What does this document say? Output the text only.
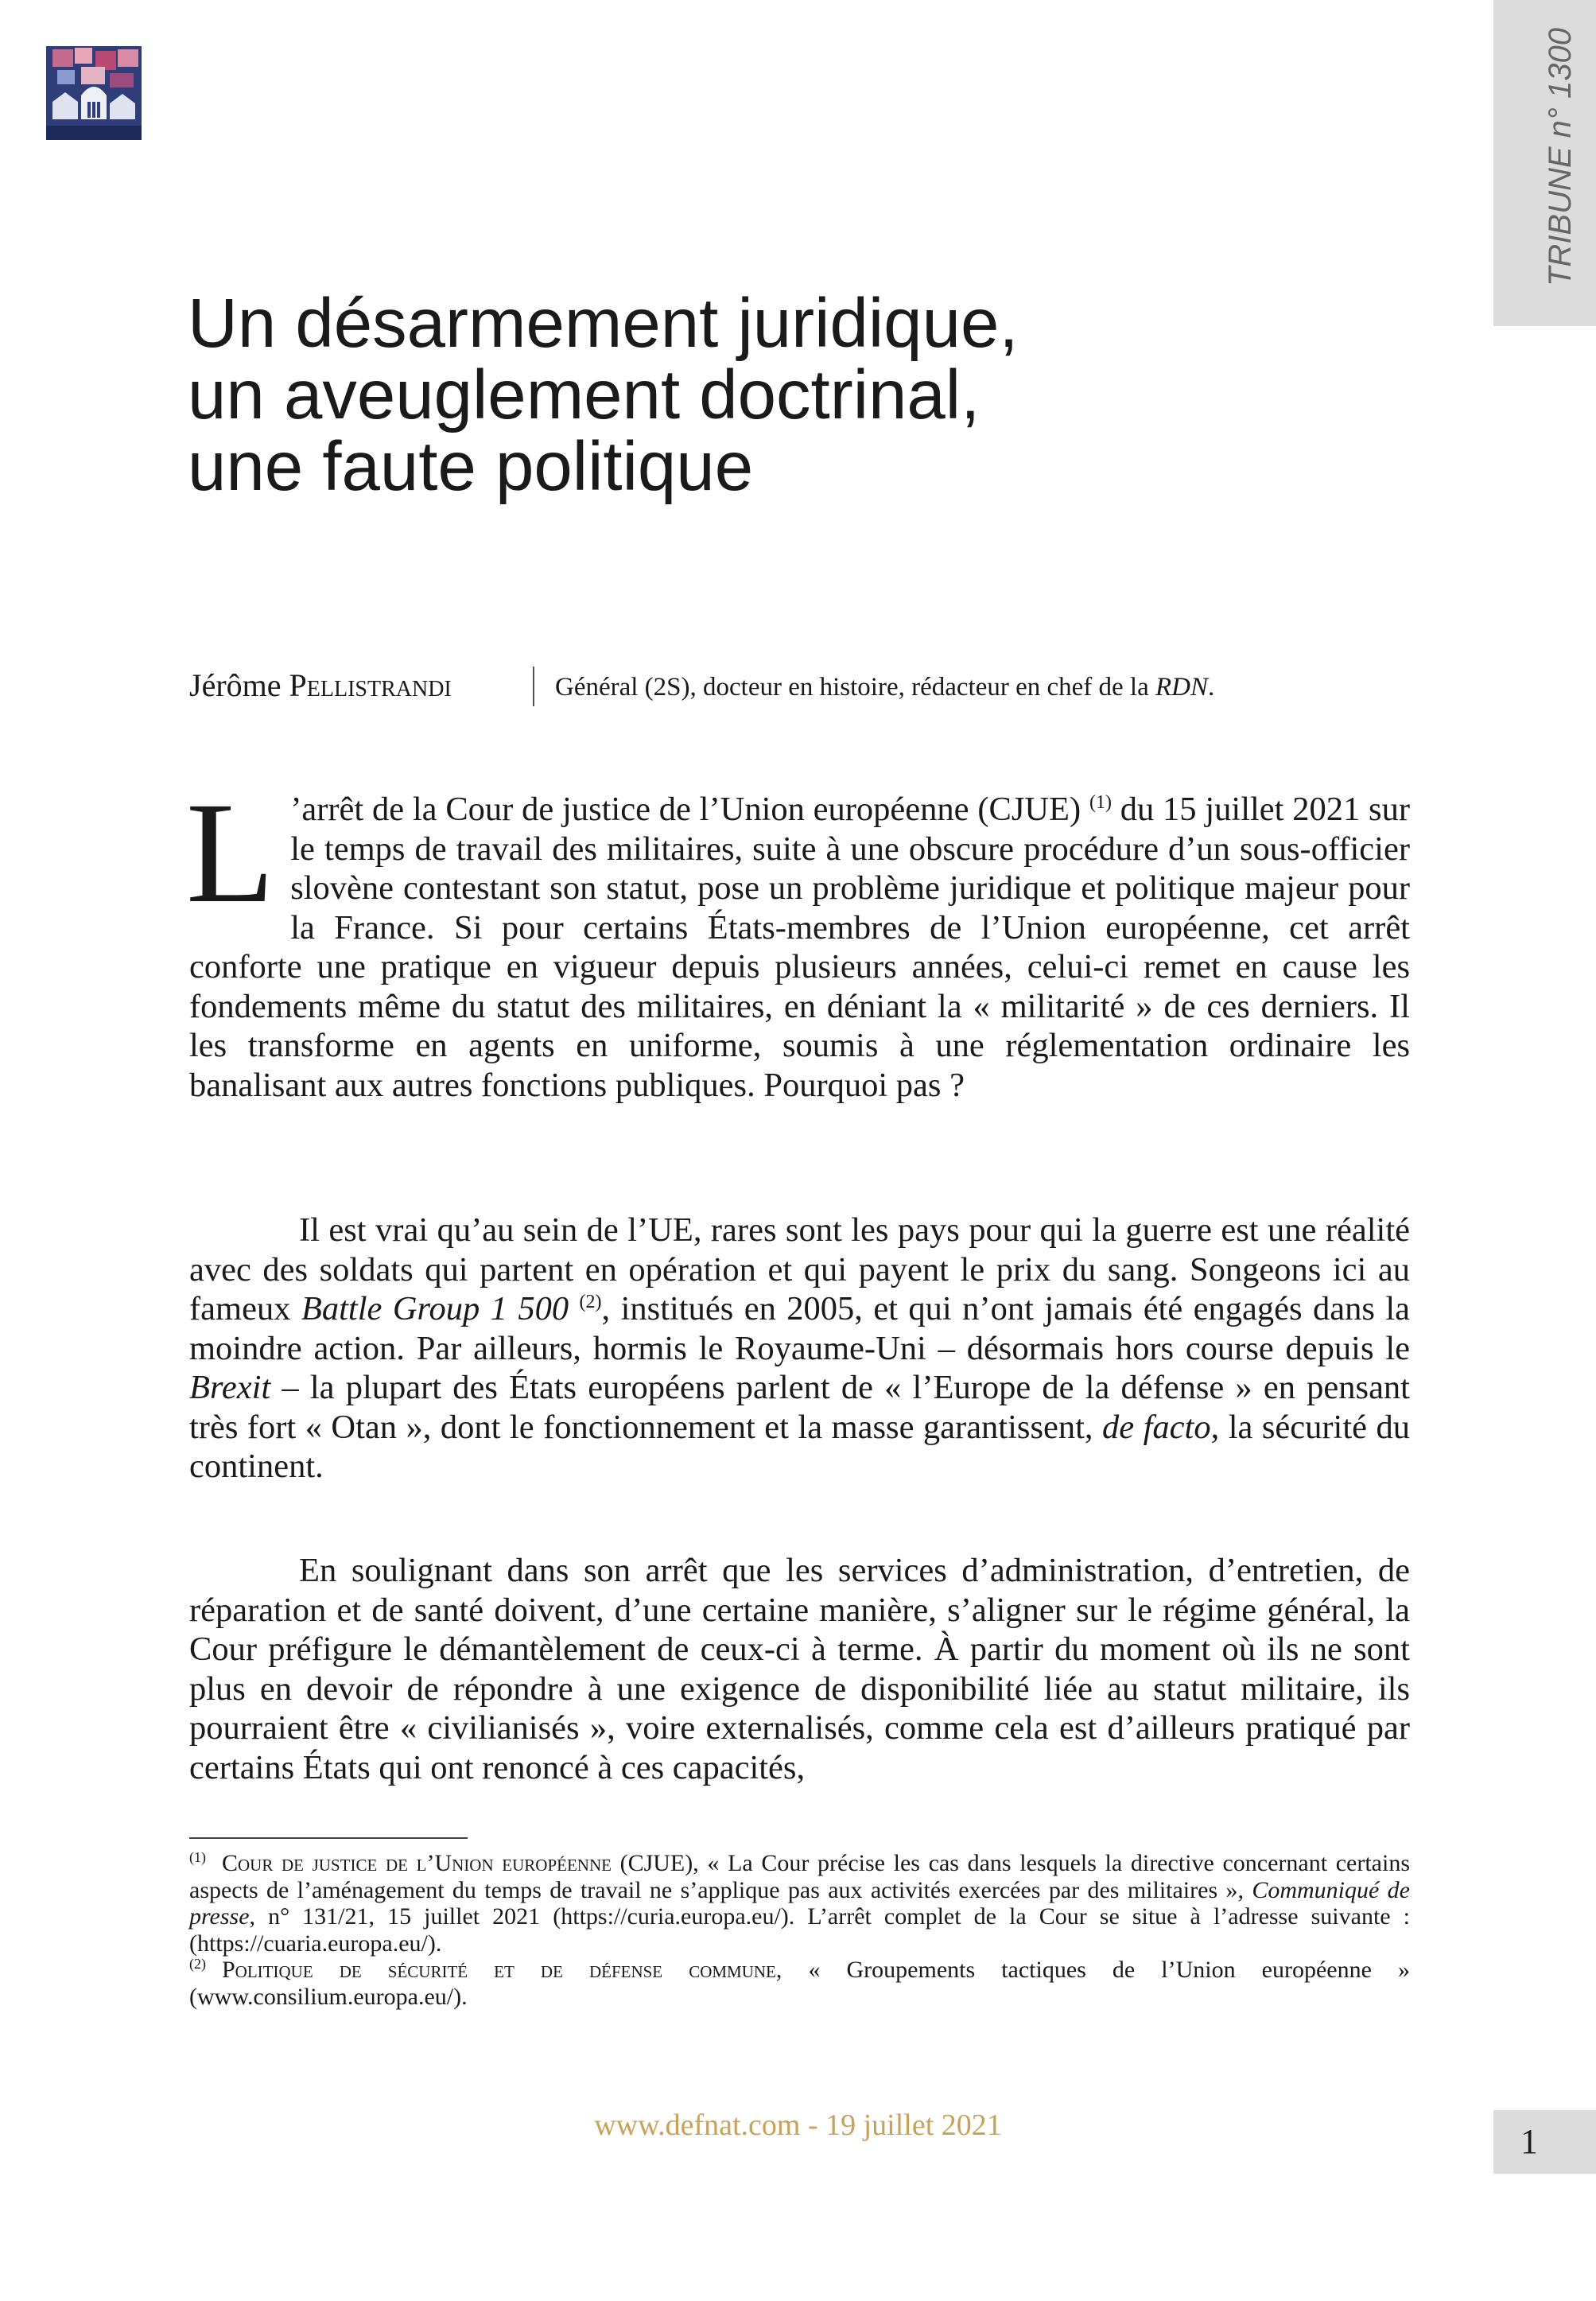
TRIBUNE n° 1300
Un désarmement juridique,
un aveuglement doctrinal,
une faute politique
Jérôme Pellistrandi	Général (2S), docteur en histoire, rédacteur en chef de la RDN.

L ’arrêt de la Cour de justice de l’Union européenne (CJUE) $^{(1)}$ du 15 juillet 2021 sur le temps de travail des militaires, suite à une obscure procédure d’un sous-officier slovène contestant son statut, pose un problème juridique et politique majeur pour la France. Si pour certains États-membres de l’Union européenne, cet arrêt conforte une pratique en vigueur depuis plusieurs années, celui-ci remet en cause les fondements même du statut des militaires, en déniant la « militarité » de ces derniers. Il les transforme en agents en uniforme, soumis à une réglementation ordinaire les banalisant aux autres fonctions publiques. Pourquoi pas ?

Il est vrai qu’au sein de l’UE, rares sont les pays pour qui la guerre est une réalité avec des soldats qui partent en opération et qui payent le prix du sang. Songeons ici au fameux Battle Group 1 500 $^{(2)}$, institués en 2005, et qui n’ont jamais été engagés dans la moindre action. Par ailleurs, hormis le Royaume-Uni – désormais hors course depuis le Brexit – la plupart des États européens parlent de « l’Europe de la défense » en pensant très fort « Otan », dont le fonctionnement et la masse garantissent, de facto, la sécurité du continent.

En soulignant dans son arrêt que les services d’administration, d’entretien, de réparation et de santé doivent, d’une certaine manière, s’aligner sur le régime général, la Cour préfigure le démantèlement de ceux-ci à terme. À partir du moment où ils ne sont plus en devoir de répondre à une exigence de disponibilité liée au statut militaire, ils pourraient être « civilianisés », voire externalisés, comme cela est d’ailleurs pratiqué par certains États qui ont renoncé à ces capacités,

$^{(1)}$ Cour de justice de l’Union européenne (CJUE), « La Cour précise les cas dans lesquels la directive concernant certains aspects de l’aménagement du temps de travail ne s’applique pas aux activités exercées par des militaires », Communiqué de presse, n° 131/21, 15 juillet 2021 (https://curia.europa.eu/). L’arrêt complet de la Cour se situe à l’adresse suivante : (https://cuaria.europa.eu/).

$^{(2)}$ Politique de sécurité et de défense commune, « Groupements tactiques de l’Union européenne » (www.consilium.europa.eu/).

www.defnat.com - 19 juillet 2021	1
